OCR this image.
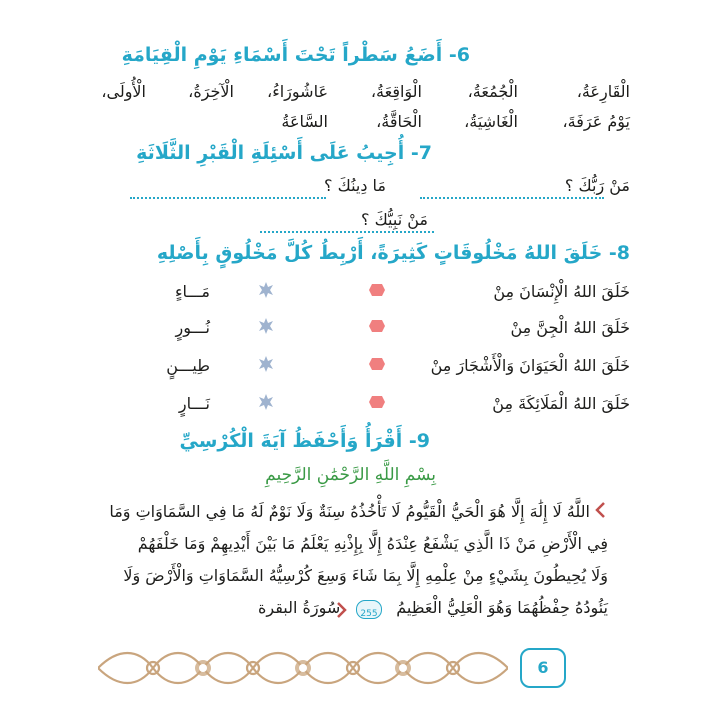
6- أَضَعُ سَطْراً تَحْتَ أَسْمَاءِ يَوْمِ الْقِيَامَةِ
الْقَارِعَةُ،
الْجُمُعَةُ،
الْوَاقِعَةُ،
عَاشُورَاءُ،
الْآخِرَةُ،
الْأُولَى،
يَوْمُ عَرَفَةَ،
الْغَاشِيَةُ،
الْحَاقَّةُ،
السَّاعَةُ
7- أُجِيبُ عَلَى أَسْئِلَةِ الْقَبْرِ الثَّلَاثَةِ
مَنْ رَبُّكَ ؟
مَا دِينُكَ ؟
مَنْ نَبِيُّكَ ؟
8- خَلَقَ اللهُ مَخْلُوقَاتٍ كَثِيرَةً، أَرْبِطُ كُلَّ مَخْلُوقٍ بِأَصْلِهِ
خَلَقَ اللهُ الْإِنْسَانَ مِنْ
خَلَقَ اللهُ الْجِنَّ مِنْ
خَلَقَ اللهُ الْحَيَوَانَ وَالْأَشْجَارَ مِنْ
خَلَقَ اللهُ الْمَلَائِكَةَ مِنْ
مَـــاءٍ
نُـــورٍ
طِيـــنٍ
نَـــارٍ
9- أَقْرَأُ وَأَحْفَظُ آيَةَ الْكُرْسِيِّ
بِسْمِ اللَّهِ الرَّحْمَٰنِ الرَّحِيمِ
اللَّهُ لَا إِلَٰهَ إِلَّا هُوَ الْحَيُّ الْقَيُّومُ لَا تَأْخُذُهُ سِنَةٌ وَلَا نَوْمٌ لَهُ مَا فِي السَّمَاوَاتِ وَمَا
فِي الْأَرْضِ مَنْ ذَا الَّذِي يَشْفَعُ عِنْدَهُ إِلَّا بِإِذْنِهِ يَعْلَمُ مَا بَيْنَ أَيْدِيهِمْ وَمَا خَلْفَهُمْ
وَلَا يُحِيطُونَ بِشَيْءٍ مِنْ عِلْمِهِ إِلَّا بِمَا شَاءَ وَسِعَ كُرْسِيُّهُ السَّمَاوَاتِ وَالْأَرْضَ وَلَا
يَئُودُهُ حِفْظُهُمَا وَهُوَ الْعَلِيُّ الْعَظِيمُ
255
سُورَةُ البقرة
6
